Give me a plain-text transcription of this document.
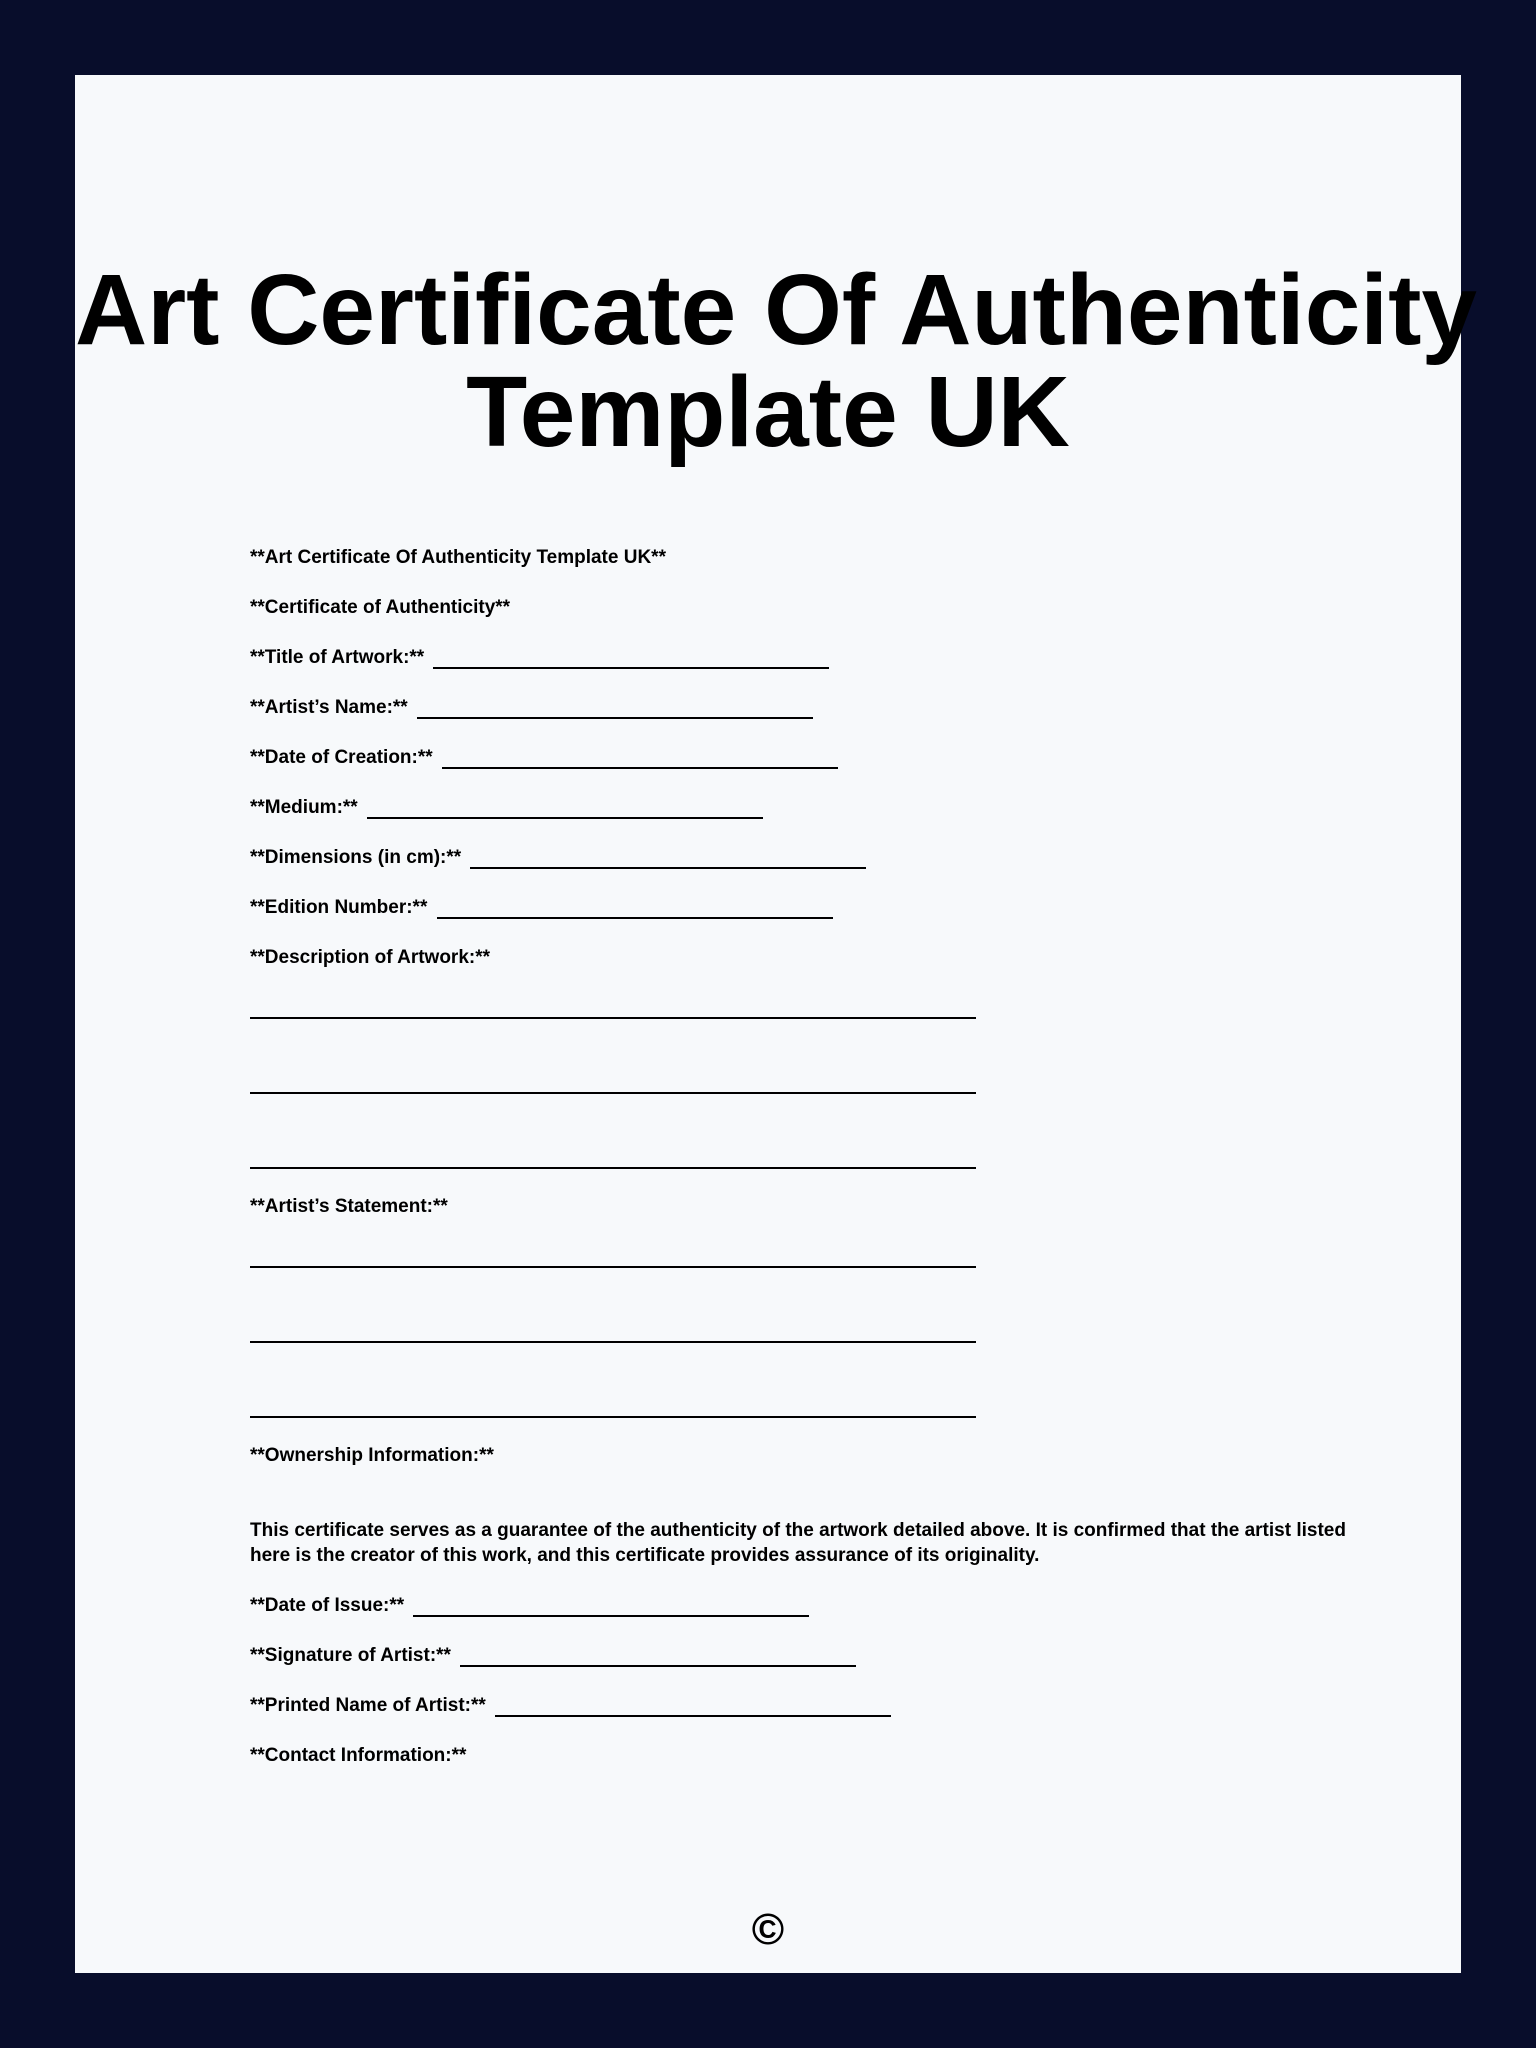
Art Certificate Of Authenticity
Template UK
**Art Certificate Of Authenticity Template UK**
**Certificate of Authenticity**
**Title of Artwork:**
**Artist’s Name:**
**Date of Creation:**
**Medium:**
**Dimensions (in cm):**
**Edition Number:**
**Description of Artwork:**
**Artist’s Statement:**
**Ownership Information:**
This certificate serves as a guarantee of the authenticity of the artwork detailed above. It is confirmed that the artist listed here is the creator of this work, and this certificate provides assurance of its originality.
**Date of Issue:**
**Signature of Artist:**
**Printed Name of Artist:**
**Contact Information:**
©
